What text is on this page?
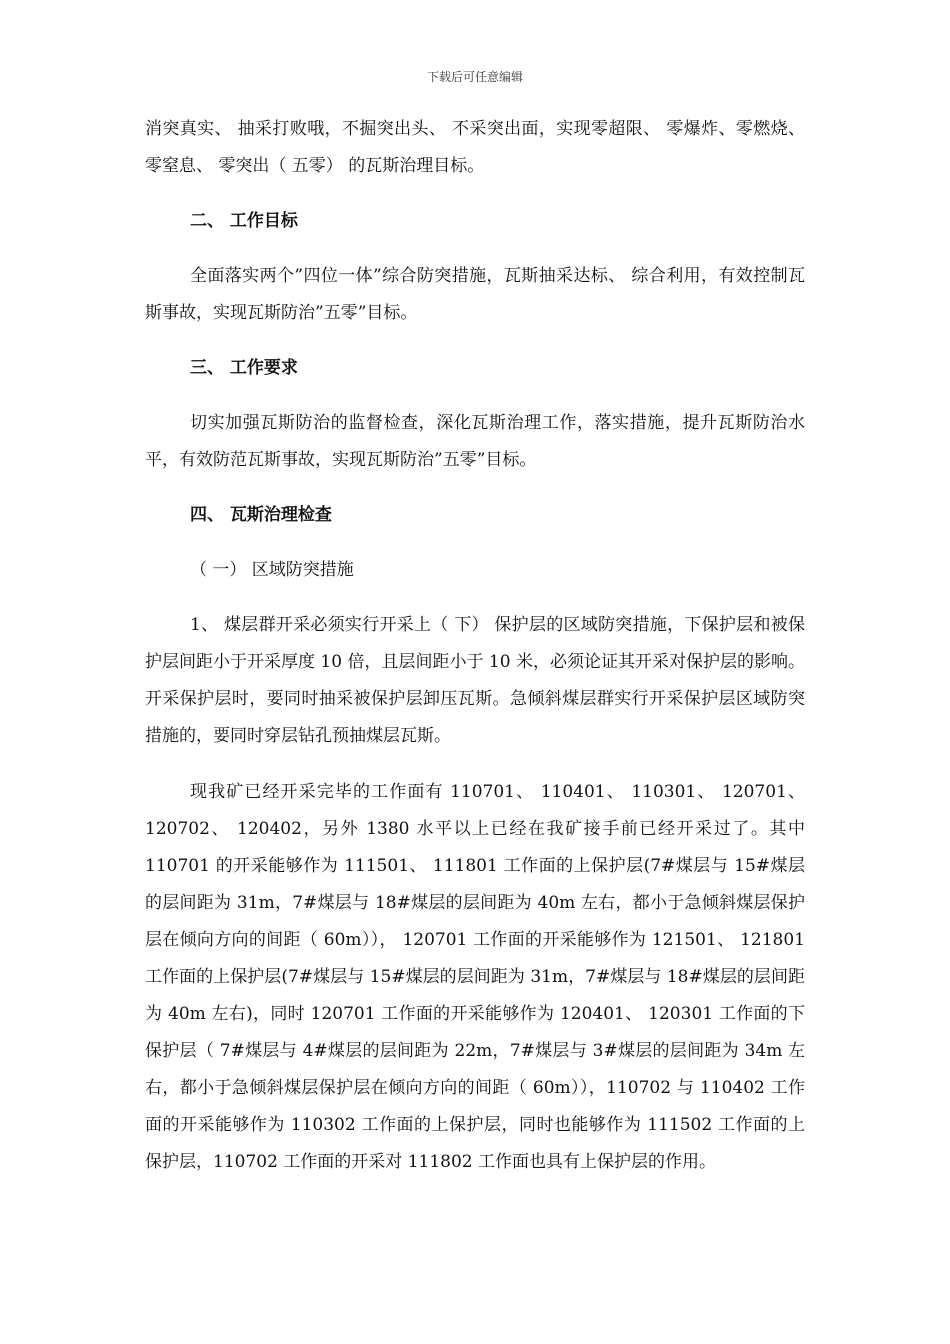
下载后可任意编辑

消突真实、 抽采打败哦，不掘突出头、 不采突出面，实现零超限、 零爆炸、零燃烧、 零窒息、 零突出（ 五零） 的瓦斯治理目标。

二、 工作目标

全面落实两个”四位一体”综合防突措施，瓦斯抽采达标、 综合利用，有效控制瓦斯事故，实现瓦斯防治”五零”目标。

三、 工作要求

切实加强瓦斯防治的监督检查，深化瓦斯治理工作，落实措施，提升瓦斯防治水平，有效防范瓦斯事故，实现瓦斯防治”五零”目标。

四、 瓦斯治理检查

（ 一） 区域防突措施

1、 煤层群开采必须实行开采上（ 下） 保护层的区域防突措施，下保护层和被保护层间距小于开采厚度 10 倍，且层间距小于 10 米，必须论证其开采对保护层的影响。开采保护层时，要同时抽采被保护层卸压瓦斯。急倾斜煤层群实行开采保护层区域防突措施的，要同时穿层钻孔预抽煤层瓦斯。

现我矿已经开采完毕的工作面有 110701、 110401、 110301、 120701、 120702、 120402，另外 1380 水平以上已经在我矿接手前已经开采过了。其中110701 的开采能够作为 111501、 111801 工作面的上保护层(7#煤层与 15#煤层的层间距为 31m，7#煤层与 18#煤层的层间距为 40m 左右，都小于急倾斜煤层保护层在倾向方向的间距（ 60m））， 120701 工作面的开采能够作为 121501、 121801 工作面的上保护层(7#煤层与 15#煤层的层间距为 31m，7#煤层与 18#煤层的层间距为 40m 左右)，同时 120701 工作面的开采能够作为 120401、 120301 工作面的下保护层（ 7#煤层与 4#煤层的层间距为 22m，7#煤层与 3#煤层的层间距为 34m 左右，都小于急倾斜煤层保护层在倾向方向的间距（ 60m）），110702 与 110402 工作面的开采能够作为 110302 工作面的上保护层，同时也能够作为 111502 工作面的上保护层，110702 工作面的开采对 111802 工作面也具有上保护层的作用。
